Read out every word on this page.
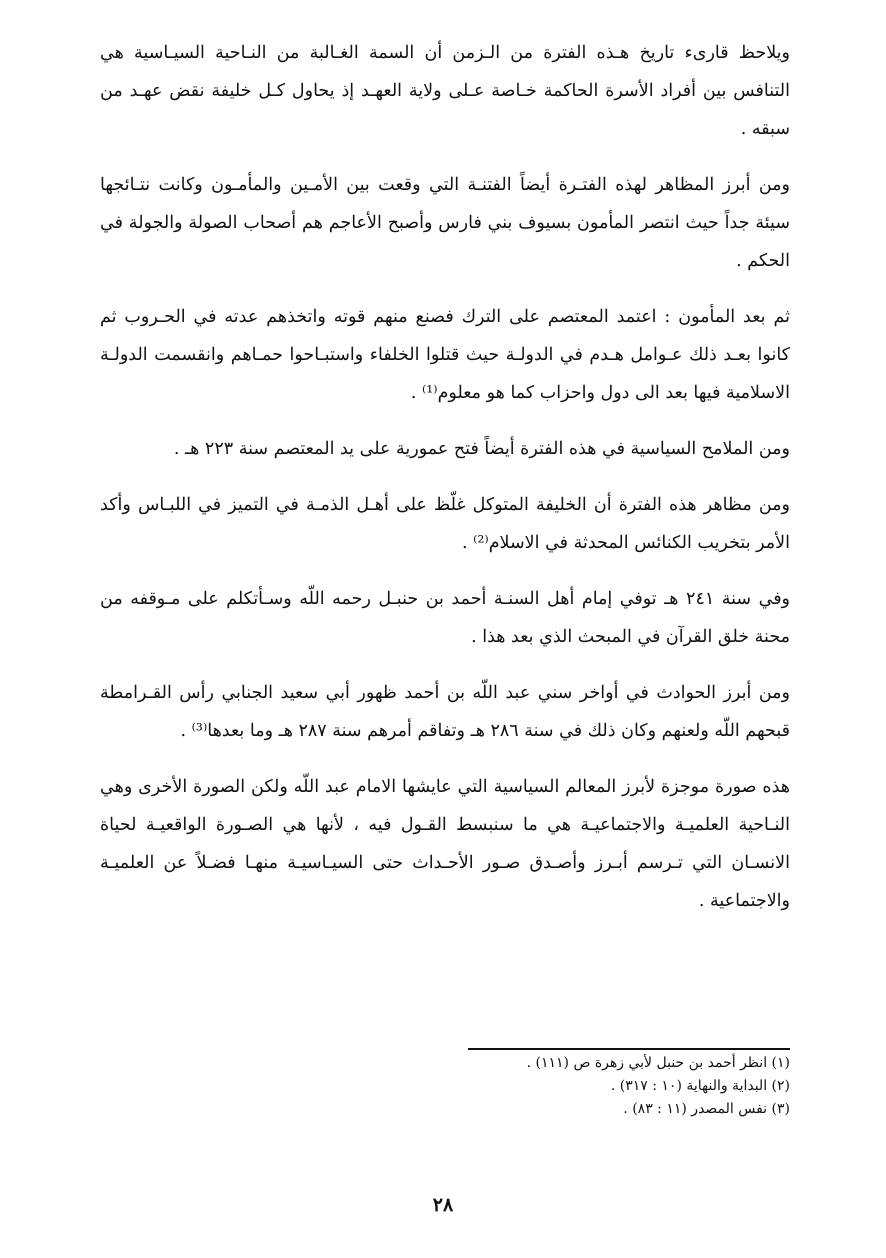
ويلاحظ قارىء تاريخ هـذه الفترة من الـزمن أن السمة الغـالبة من النـاحية السيـاسية هي التنافس بين أفراد الأسرة الحاكمة خـاصة عـلى ولاية العهـد إذ يحاول كـل خليفة نقض عهـد من سبقه .

ومن أبرز المظاهر لهذه الفتـرة أيضاً الفتنـة التي وقعت بين الأمـين والمأمـون وكانت نتـائجها سيئة جداً حيث انتصر المأمون بسيوف بني فارس وأصبح الأعاجم هم أصحاب الصولة والجولة في الحكم .

ثم بعد المأمون : اعتمد المعتصم على الترك فصنع منهم قوته واتخذهم عدته في الحـروب ثم كانوا بعـد ذلك عـوامل هـدم في الدولـة حيث قتلوا الخلفاء واستبـاحوا حمـاهم وانقسمت الدولـة الاسلامية فيها بعد الى دول واحزاب كما هو معلوم⁽¹⁾ .

ومن الملامح السياسية في هذه الفترة أيضاً فتح عمورية على يد المعتصم سنة ٢٢٣ هـ .

ومن مظاهر هذه الفترة أن الخليفة المتوكل غلّظ على أهـل الذمـة في التميز في اللبـاس وأكد الأمر بتخريب الكنائس المحدثة في الاسلام⁽²⁾ .

وفي سنة ٢٤١ هـ توفي إمام أهل السنـة أحمد بن حنبـل رحمه اللّه وسـأتكلم على مـوقفه من محنة خلق القرآن في المبحث الذي بعد هذا .

ومن أبرز الحوادث في أواخر سني عبد اللّه بن أحمد ظهور أبي سعيد الجنابي رأس القـرامطة قبحهم اللّه ولعنهم وكان ذلك في سنة ٢٨٦ هـ وتفاقم أمرهم سنة ٢٨٧ هـ وما بعدها⁽³⁾ .

هذه صورة موجزة لأبرز المعالم السياسية التي عايشها الامام عبد اللّه ولكن الصورة الأخرى وهي النـاحية العلميـة والاجتماعيـة هي ما سنبسط القـول فيه ، لأنها هي الصـورة الواقعيـة لحياة الانسـان التي تـرسم أبـرز وأصـدق صـور الأحـداث حتى السيـاسيـة منهـا فضـلاً عن العلميـة والاجتماعية .

(١) انظر أحمد بن حنبل لأبي زهرة ص (١١١) .

(٢) البداية والنهاية (١٠ : ٣١٧) .

(٣) نفس المصدر (١١ : ٨٣) .

٢٨
